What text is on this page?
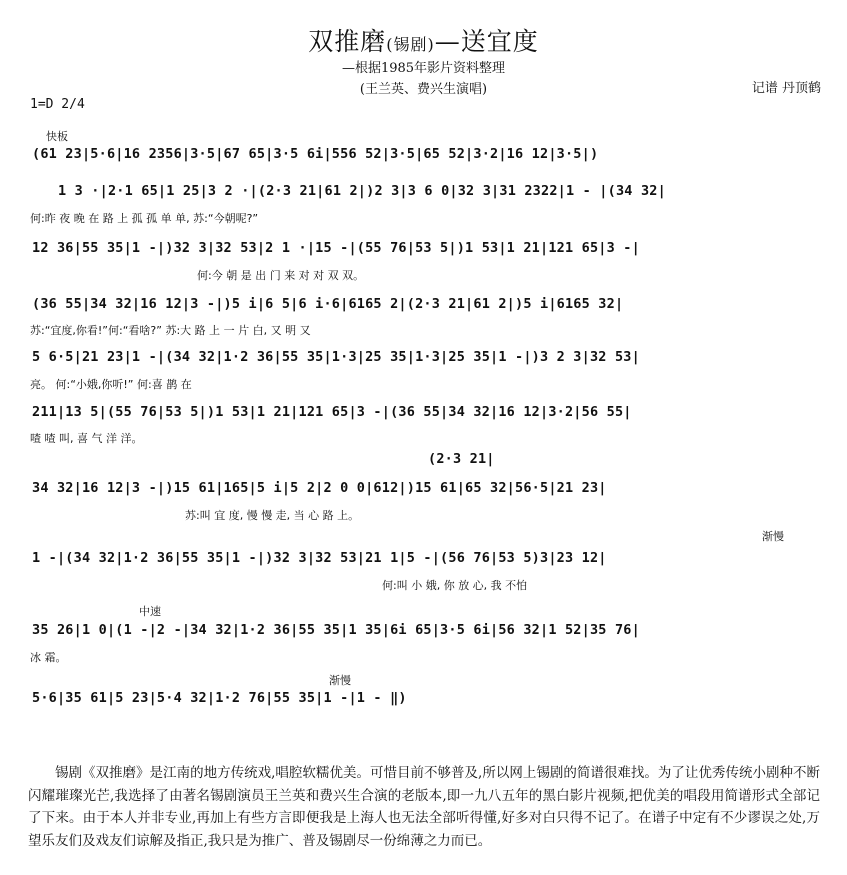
双推磨(锡剧)—送宜度
—根据1985年影片资料整理
(王兰英、费兴生演唱)	记谱 丹顶鹤
1=D 2/4
快板
渐慢
中速
渐慢
(61 23|5·6|16 2356|3·5|67 65|3·5 6i|556 52|3·5|65 52|3·2|16 12|3·5|)
1 3 ·|2·1 65|1 25|3 2 ·|(2·3 21|61 2|)2 3|3 6 0|32 3|31 2322|1 - |(34 32|
12 36|55 35|1 -|)32 3|32 53|2 1 ·|15 -|(55 76|53 5|)1 53|1 21|121 65|3 -|
(36 55|34 32|16 12|3 -|)5 i|6 5|6 i·6|6165 2|(2·3 21|61 2|)5 i|6165 32|
5 6·5|21 23|1 -|(34 32|1·2 36|55 35|1·3|25 35|1·3|25 35|1 -|)3 2 3|32 53|
211|13 5|(55 76|53 5|)1 53|1 21|121 65|3 -|(36 55|34 32|16 12|3·2|56 55|
(2·3 21|
34 32|16 12|3 -|)15 61|165|5 i|5 2|2 0 0|612|)15 61|65 32|56·5|21 23|
1 -|(34 32|1·2 36|55 35|1 -|)32 3|32 53|21 1|5 -|(56 76|53 5)3|23 12|
35 26|1 0|(1 -|2 -|34 32|1·2 36|55 35|1 35|6i 65|3·5 6i|56 32|1 52|35 76|
5·6|35 61|5 23|5·4 32|1·2 76|55 35|1 -|1 - ‖)
何:昨 夜 晚 在 路 上 孤 孤 单 单, 苏:“今朝呢?”
何:今 朝 是 出 门 来 对 对 双 双。
苏:“宜度,你看!”何:“看啥?” 苏:大 路 上 一 片 白, 又 明 又
亮。 何:“小娥,你听!” 何:喜 鹊 在
喳 喳 叫, 喜 气 洋 洋。
苏:叫 宜 度, 慢 慢 走, 当 心 路 上。
何:叫 小 娥, 你 放 心, 我 不怕
冰 霜。
锡剧《双推磨》是江南的地方传统戏,唱腔软糯优美。可惜目前不够普及,所以网上锡剧的简谱很难找。为了让优秀传统小剧种不断闪耀璀璨光芒,我选择了由著名锡剧演员王兰英和费兴生合演的老版本,即一九八五年的黑白影片视频,把优美的唱段用简谱形式全部记了下来。由于本人并非专业,再加上有些方言即便我是上海人也无法全部听得懂,好多对白只得不记了。在谱子中定有不少谬误之处,万望乐友们及戏友们谅解及指正,我只是为推广、普及锡剧尽一份绵薄之力而已。
